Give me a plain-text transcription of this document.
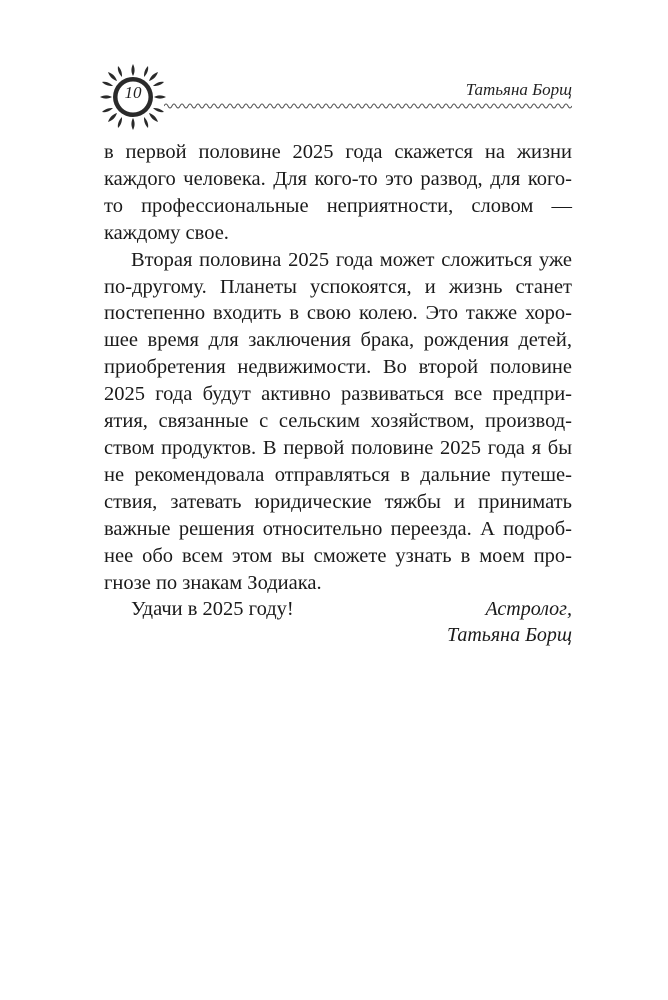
10	Татьяна Борщ

в первой половине 2025 года скажется на жизни каждого человека. Для кого-то это развод, для кого-то профессиональные неприятности, словом — каждому свое.

Вторая половина 2025 года может сложиться уже по-другому. Планеты успокоятся, и жизнь станет постепенно входить в свою колею. Это также хорошее время для заключения брака, рождения детей, приобретения недвижимости. Во второй половине 2025 года будут активно развиваться все предприятия, связанные с сельским хозяйством, производством продуктов. В первой половине 2025 года я бы не рекомендовала отправляться в дальние путешествия, затевать юридические тяжбы и принимать важные решения относительно переезда. А подробнее обо всем этом вы сможете узнать в моем прогнозе по знакам Зодиака.

Удачи в 2025 году!	Астролог,
Татьяна Борщ
